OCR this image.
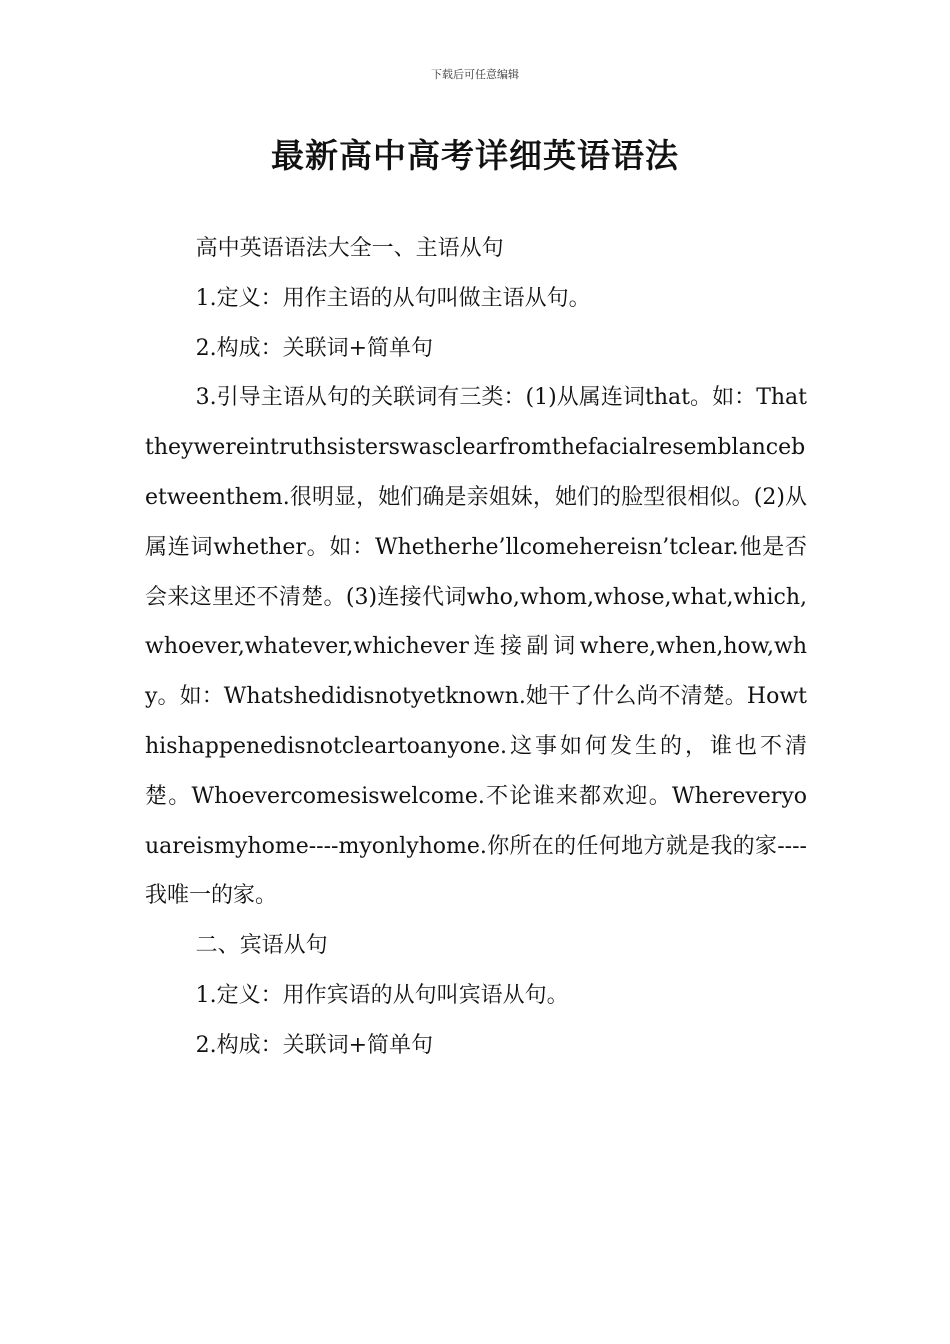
下载后可任意编辑
最新高中高考详细英语语法

高中英语语法大全一、主语从句

1.定义：用作主语的从句叫做主语从句。

2.构成：关联词+简单句

3.引导主语从句的关联词有三类：(1)从属连词that。如：Thattheywereintruthsisterswasclearfromthefacialresemblancebetweenthem.很明显，她们确是亲姐妹，她们的脸型很相似。(2)从属连词whether。如：Whetherhe’llcomehereisn’tclear.他是否会来这里还不清楚。(3)连接代词who,whom,whose,what,which,whoever,whatever,whichever连接副词where,when,how,why。如：Whatshedidisnotyetknown.她干了什么尚不清楚。Howthishappenedisnotcleartoanyone.这事如何发生的，谁也不清楚。Whoevercomesiswelcome.不论谁来都欢迎。Whereveryouareismyhome----myonlyhome.你所在的任何地方就是我的家----我唯一的家。

二、宾语从句

1.定义：用作宾语的从句叫宾语从句。

2.构成：关联词+简单句
